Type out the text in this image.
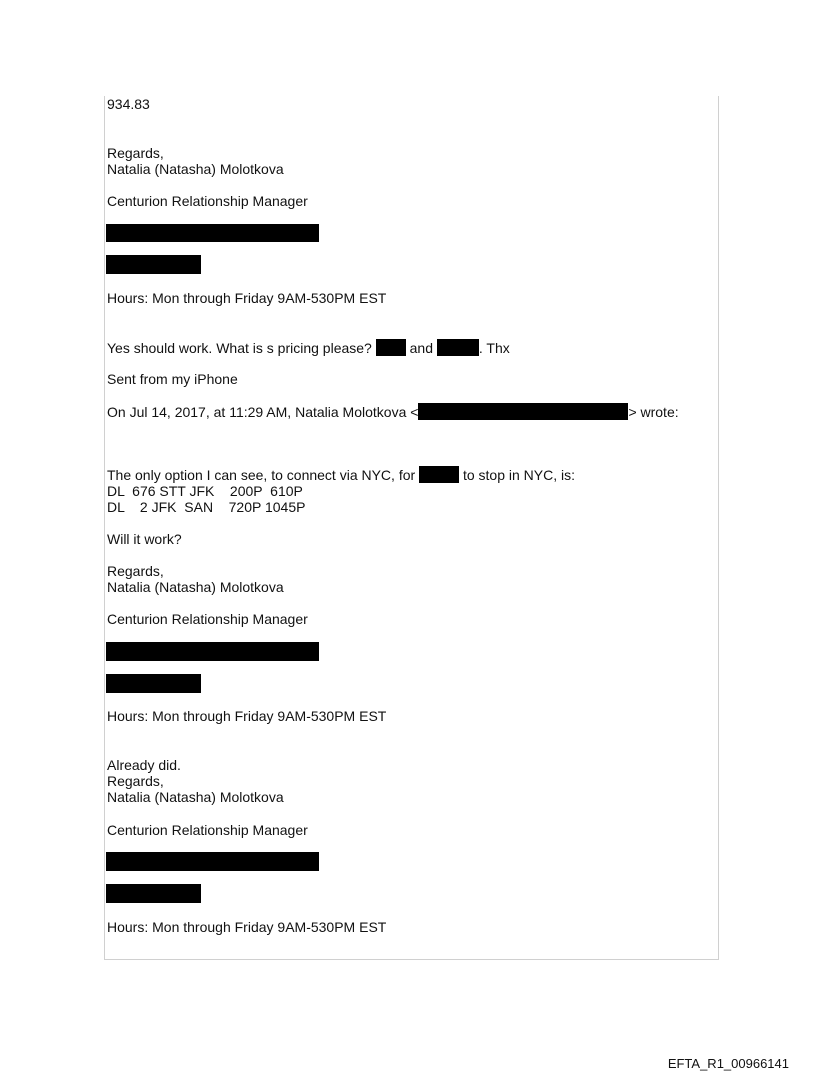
934.83
Regards,
Natalia (Natasha) Molotkova
Centurion Relationship Manager
Hours: Mon through Friday 9AM-530PM EST
Yes should work. What is s pricing please?  and	. Thx
Sent from my iPhone
On Jul 14, 2017, at 11:29 AM, Natalia Molotkova <	> wrote:
The only option I can see, to connect via NYC, for	to stop in NYC, is:
DL  676 STT JFK    200P  610P
DL    2 JFK  SAN    720P 1045P
Will it work?
Regards,
Natalia (Natasha) Molotkova
Centurion Relationship Manager
Hours: Mon through Friday 9AM-530PM EST
Already did.
Regards,
Natalia (Natasha) Molotkova
Centurion Relationship Manager
Hours: Mon through Friday 9AM-530PM EST
EFTA_R1_00966141
